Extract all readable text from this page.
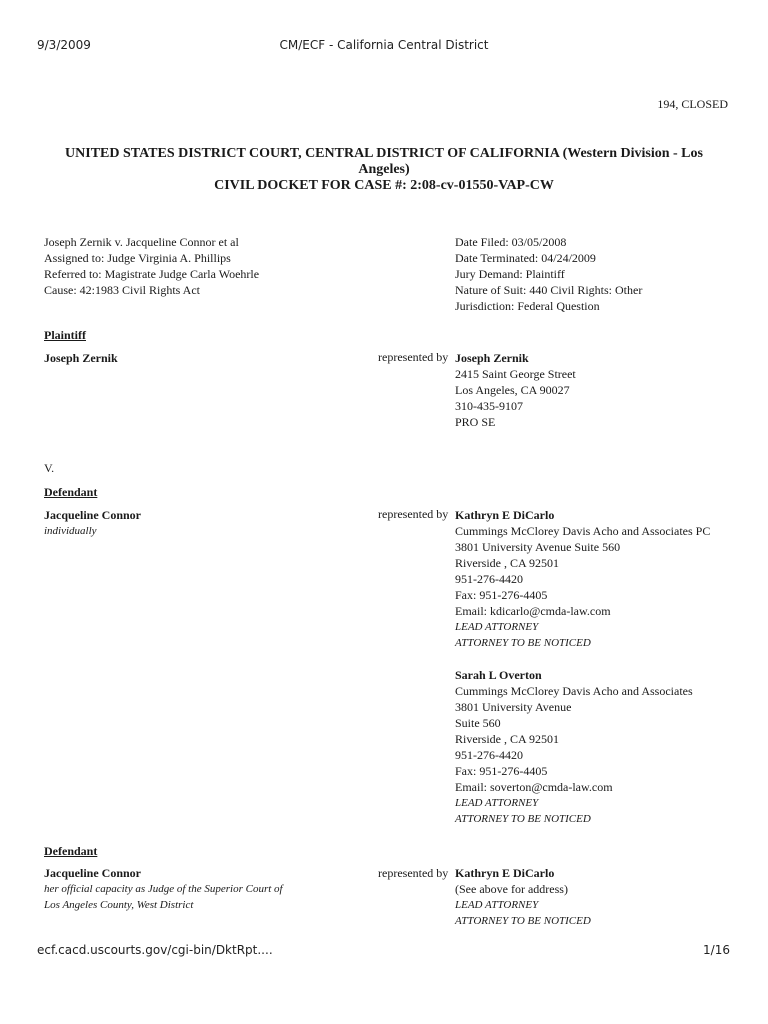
9/3/2009	CM/ECF - California Central District
194, CLOSED
UNITED STATES DISTRICT COURT, CENTRAL DISTRICT OF CALIFORNIA (Western Division - Los
Angeles)
CIVIL DOCKET FOR CASE #: 2:08-cv-01550-VAP-CW
Joseph Zernik v. Jacqueline Connor et al
Assigned to: Judge Virginia A. Phillips
Referred to: Magistrate Judge Carla Woehrle
Cause: 42:1983 Civil Rights Act
Date Filed: 03/05/2008
Date Terminated: 04/24/2009
Jury Demand: Plaintiff
Nature of Suit: 440 Civil Rights: Other
Jurisdiction: Federal Question
Plaintiff
Joseph Zernik	represented by Joseph Zernik
2415 Saint George Street
Los Angeles, CA 90027
310-435-9107
PRO SE
V.
Defendant
Jacqueline Connor
individually
represented by Kathryn E DiCarlo
Cummings McClorey Davis Acho and Associates PC
3801 University Avenue Suite 560
Riverside , CA 92501
951-276-4420
Fax: 951-276-4405
Email: kdicarlo@cmda-law.com
LEAD ATTORNEY
ATTORNEY TO BE NOTICED
Sarah L Overton
Cummings McClorey Davis Acho and Associates
3801 University Avenue
Suite 560
Riverside , CA 92501
951-276-4420
Fax: 951-276-4405
Email: soverton@cmda-law.com
LEAD ATTORNEY
ATTORNEY TO BE NOTICED
Defendant
Jacqueline Connor
her official capacity as Judge of the Superior Court of
Los Angeles County, West District
represented by Kathryn E DiCarlo
(See above for address)
LEAD ATTORNEY
ATTORNEY TO BE NOTICED
ecf.cacd.uscourts.gov/cgi-bin/DktRpt....	1/16
